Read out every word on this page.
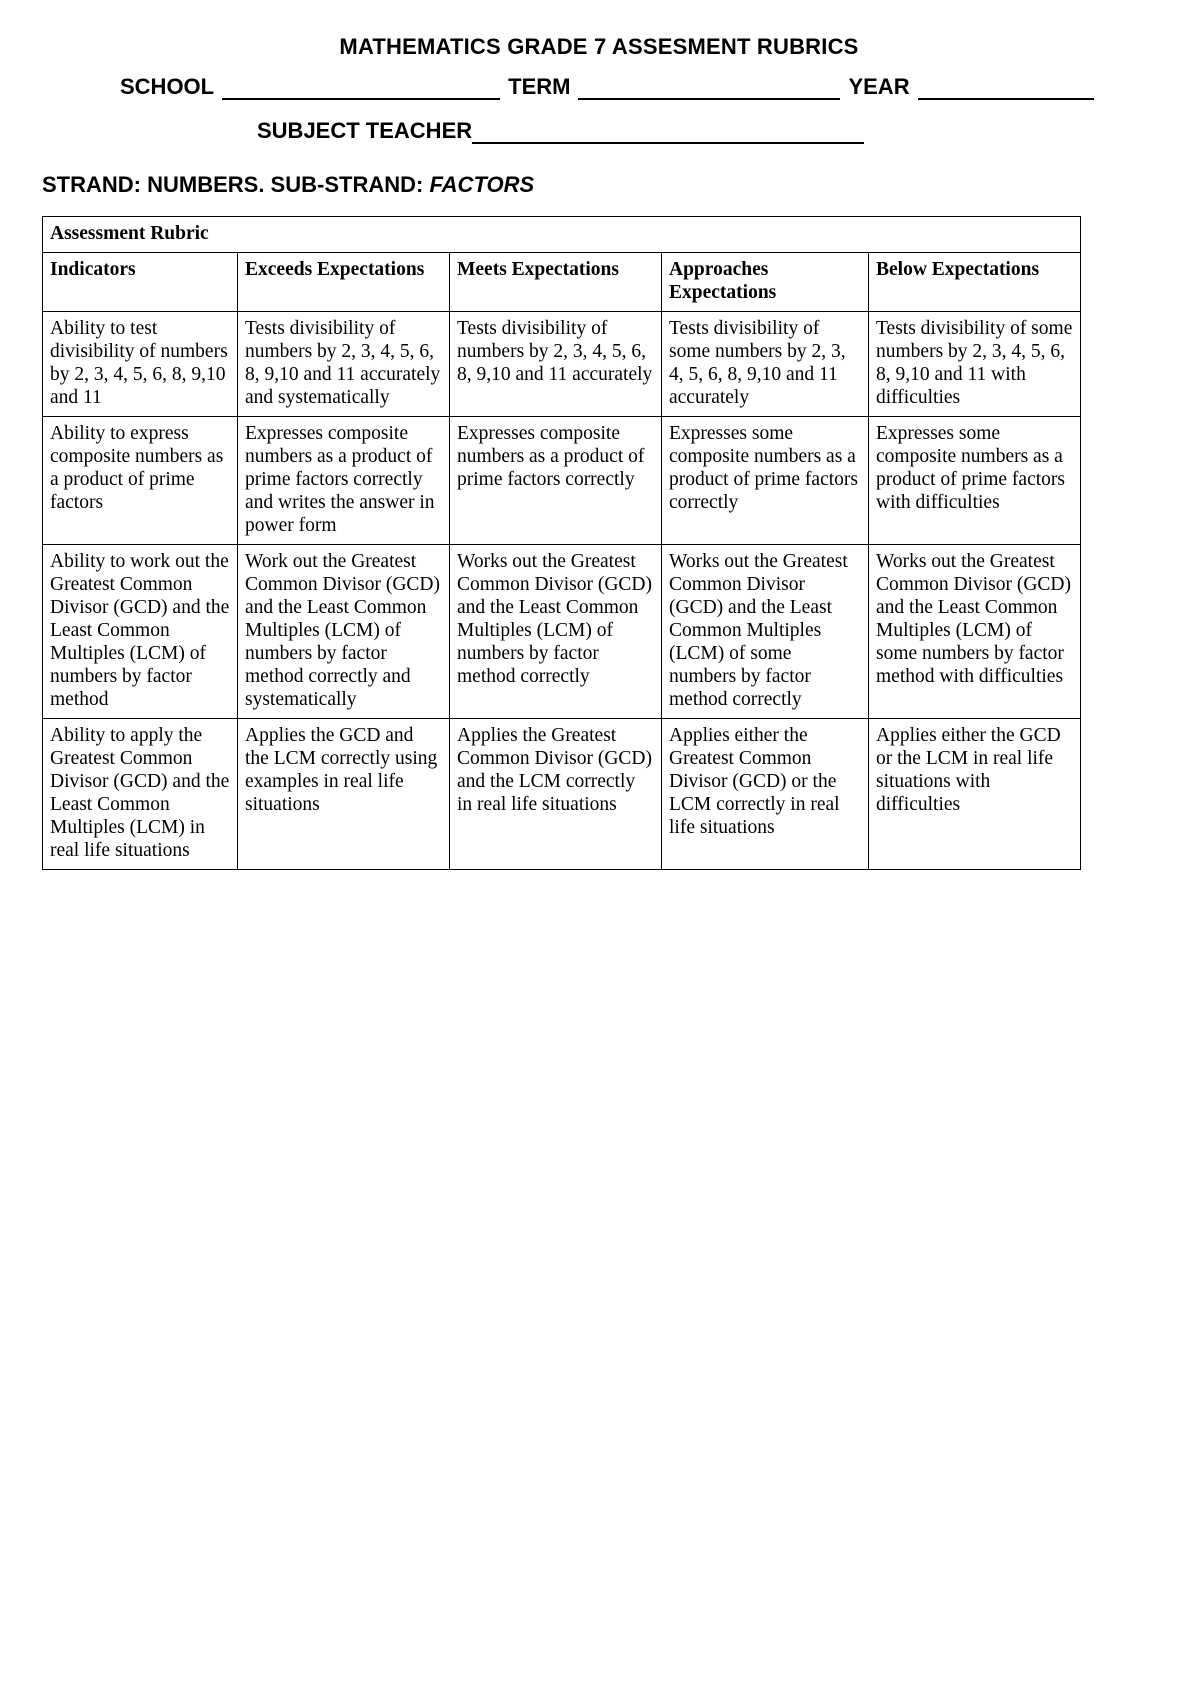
MATHEMATICS GRADE 7 ASSESMENT RUBRICS
SCHOOL	TERM	YEAR
SUBJECT TEACHER
STRAND: NUMBERS. SUB-STRAND: FACTORS
Assessment Rubric				
Indicators	Exceeds Expectations	Meets Expectations	Approaches Expectations	Below Expectations
Ability to test divisibility of numbers by 2, 3, 4, 5, 6, 8, 9,10 and 11	Tests divisibility of numbers by 2, 3, 4, 5, 6, 8, 9,10 and 11 accurately and systematically	Tests divisibility of numbers by 2, 3, 4, 5, 6, 8, 9,10 and 11 accurately	Tests divisibility of some numbers by 2, 3, 4, 5, 6, 8, 9,10 and 11 accurately	Tests divisibility of some numbers by 2, 3, 4, 5, 6, 8, 9,10 and 11 with difficulties
Ability to express composite numbers as a product of prime factors	Expresses composite numbers as a product of prime factors correctly and writes the answer in power form	Expresses composite numbers as a product of prime factors correctly	Expresses some composite numbers as a product of prime factors correctly	Expresses some composite numbers as a product of prime factors with difficulties
Ability to work out the Greatest Common Divisor (GCD) and the Least Common Multiples (LCM) of numbers by factor method	Work out the Greatest Common Divisor (GCD) and the Least Common Multiples (LCM) of numbers by factor method correctly and systematically	Works out the Greatest Common Divisor (GCD) and the Least Common Multiples (LCM) of numbers by factor method correctly	Works out the Greatest Common Divisor (GCD) and the Least Common Multiples (LCM) of some numbers by factor method correctly	Works out the Greatest Common Divisor (GCD) and the Least Common Multiples (LCM) of some numbers by factor method with difficulties
Ability to apply the Greatest Common Divisor (GCD) and the Least Common Multiples (LCM) in real life situations	Applies the GCD and the LCM correctly using examples in real life situations	Applies the Greatest Common Divisor (GCD) and the LCM correctly in real life situations	Applies either the Greatest Common Divisor (GCD) or the LCM correctly in real life situations	Applies either the GCD or the LCM in real life situations with difficulties
